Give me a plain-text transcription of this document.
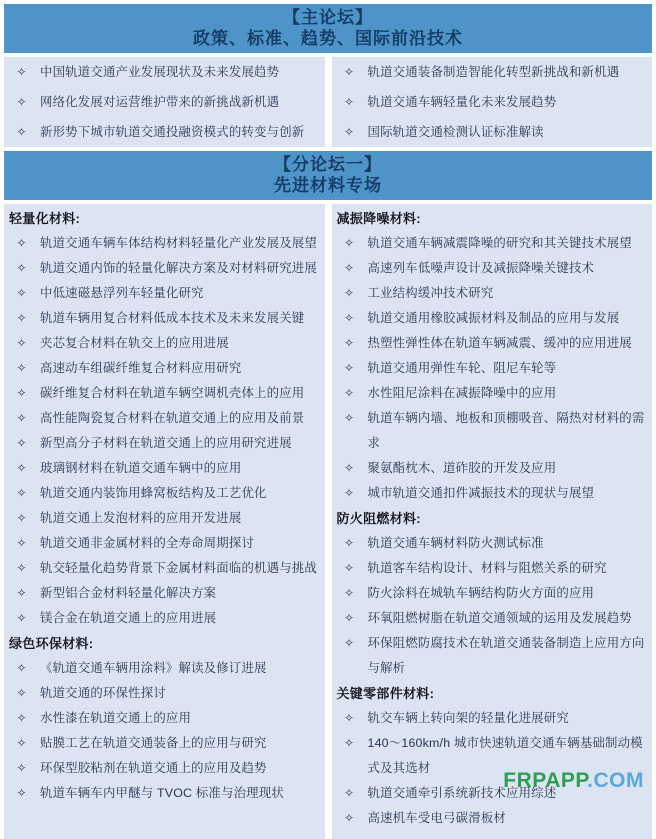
【主论坛】
政策、标准、趋势、国际前沿技术
✧ 中国轨道交通产业发展现状及未来发展趋势
✧ 网络化发展对运营维护带来的新挑战新机遇
✧ 新形势下城市轨道交通投融资模式的转变与创新
✧ 轨道交通装备制造智能化转型新挑战和新机遇
✧ 轨道交通车辆轻量化未来发展趋势
✧ 国际轨道交通检测认证标准解读
【分论坛一】
先进材料专场
轻量化材料:
✧ 轨道交通车辆车体结构材料轻量化产业发展及展望
✧ 轨道交通内饰的轻量化解决方案及对材料研究进展
✧ 中低速磁悬浮列车轻量化研究
✧ 轨道车辆用复合材料低成本技术及未来发展关键
✧ 夹芯复合材料在轨交上的应用进展
✧ 高速动车组碳纤维复合材料应用研究
✧ 碳纤维复合材料在轨道车辆空调机壳体上的应用
✧ 高性能陶瓷复合材料在轨道交通上的应用及前景
✧ 新型高分子材料在轨道交通上的应用研究进展
✧ 玻璃钢材料在轨道交通车辆中的应用
✧ 轨道交通内装饰用蜂窝板结构及工艺优化
✧ 轨道交通上发泡材料的应用开发进展
✧ 轨道交通非金属材料的全寿命周期探讨
✧ 轨交轻量化趋势背景下金属材料面临的机遇与挑战
✧ 新型铝合金材料轻量化解决方案
✧ 镁合金在轨道交通上的应用进展
绿色环保材料:
✧ 《轨道交通车辆用涂料》解读及修订进展
✧ 轨道交通的环保性探讨
✧ 水性漆在轨道交通上的应用
✧ 贴膜工艺在轨道交通装备上的应用与研究
✧ 环保型胶粘剂在轨道交通上的应用及趋势
✧ 轨道车辆车内甲醚与 TVOC 标准与治理现状
减振降噪材料:
✧ 轨道交通车辆减震降噪的研究和其关键技术展望
✧ 高速列车低噪声设计及减振降噪关键技术
✧ 工业结构缓冲技术研究
✧ 轨道交通用橡胶减振材料及制品的应用与发展
✧ 热塑性弹性体在轨道车辆减震、缓冲的应用进展
✧ 轨道交通用弹性车轮、阻尼车轮等
✧ 水性阻尼涂料在减振降噪中的应用
✧ 轨道车辆内墙、地板和顶棚吸音、隔热对材料的需求
✧ 聚氨酯枕木、道砟胶的开发及应用
✧ 城市轨道交通扣件减振技术的现状与展望
防火阻燃材料:
✧ 轨道交通车辆材料防火测试标准
✧ 轨道客车结构设计、材料与阻燃关系的研究
✧ 防火涂料在城轨车辆结构防火方面的应用
✧ 环氧阻燃树脂在轨道交通领域的运用及发展趋势
✧ 环保阻燃防腐技术在轨道交通装备制造上应用方向与解析
关键零部件材料:
✧ 轨交车辆上转向架的轻量化进展研究
✧ 140～160km/h 城市快速轨道交通车辆基础制动模式及其选材
✧ 轨道交通牵引系统新技术应用综述
✧ 高速机车受电弓碳滑板材
FRPAPP.COM
